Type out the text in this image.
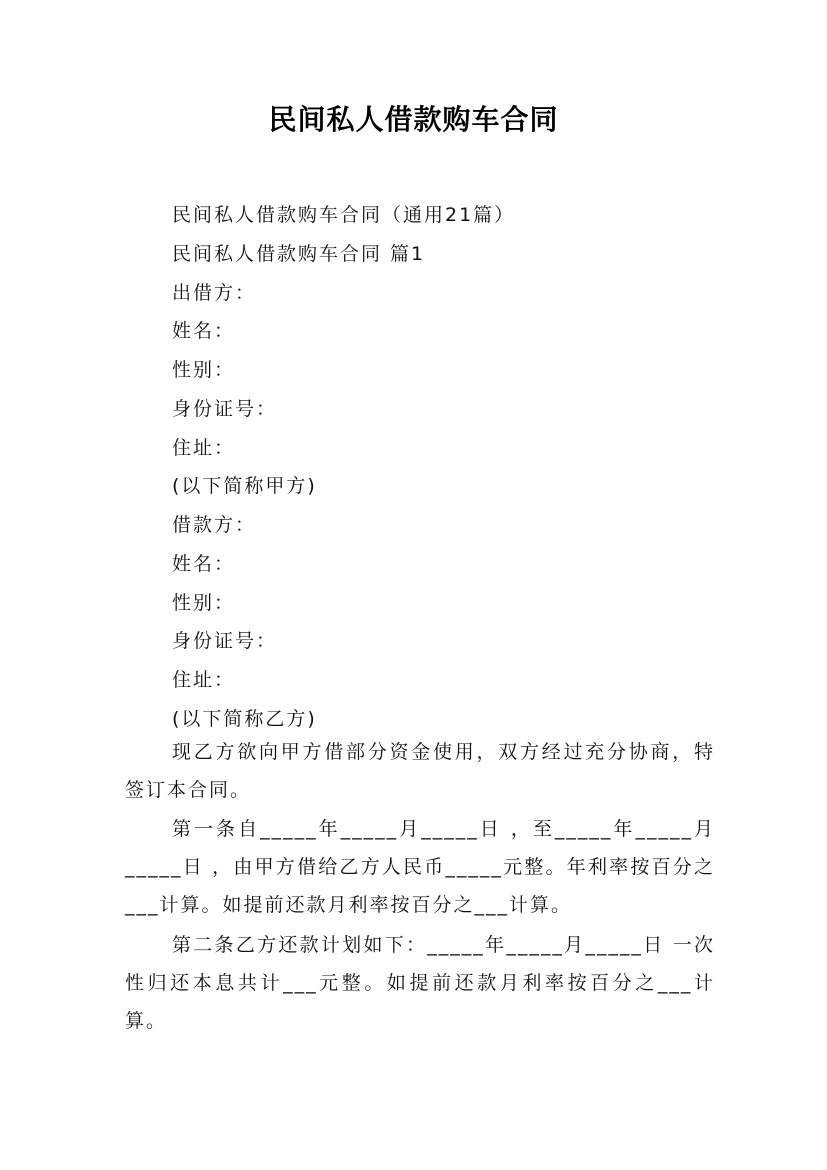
民间私人借款购车合同
民间私人借款购车合同（通用21篇）
民间私人借款购车合同 篇1
出借方：
姓名：
性别：
身份证号：
住址：
(以下简称甲方)
借款方：
姓名：
性别：
身份证号：
住址：
(以下简称乙方)
现乙方欲向甲方借部分资金使用，双方经过充分协商，特签订本合同。
第一条自_____年_____月_____日 ，至_____年_____月_____日 ，由甲方借给乙方人民币_____元整。年利率按百分之___计算。如提前还款月利率按百分之___计算。
第二条乙方还款计划如下：_____年_____月_____日 一次性归还本息共计___元整。如提前还款月利率按百分之___计算。
